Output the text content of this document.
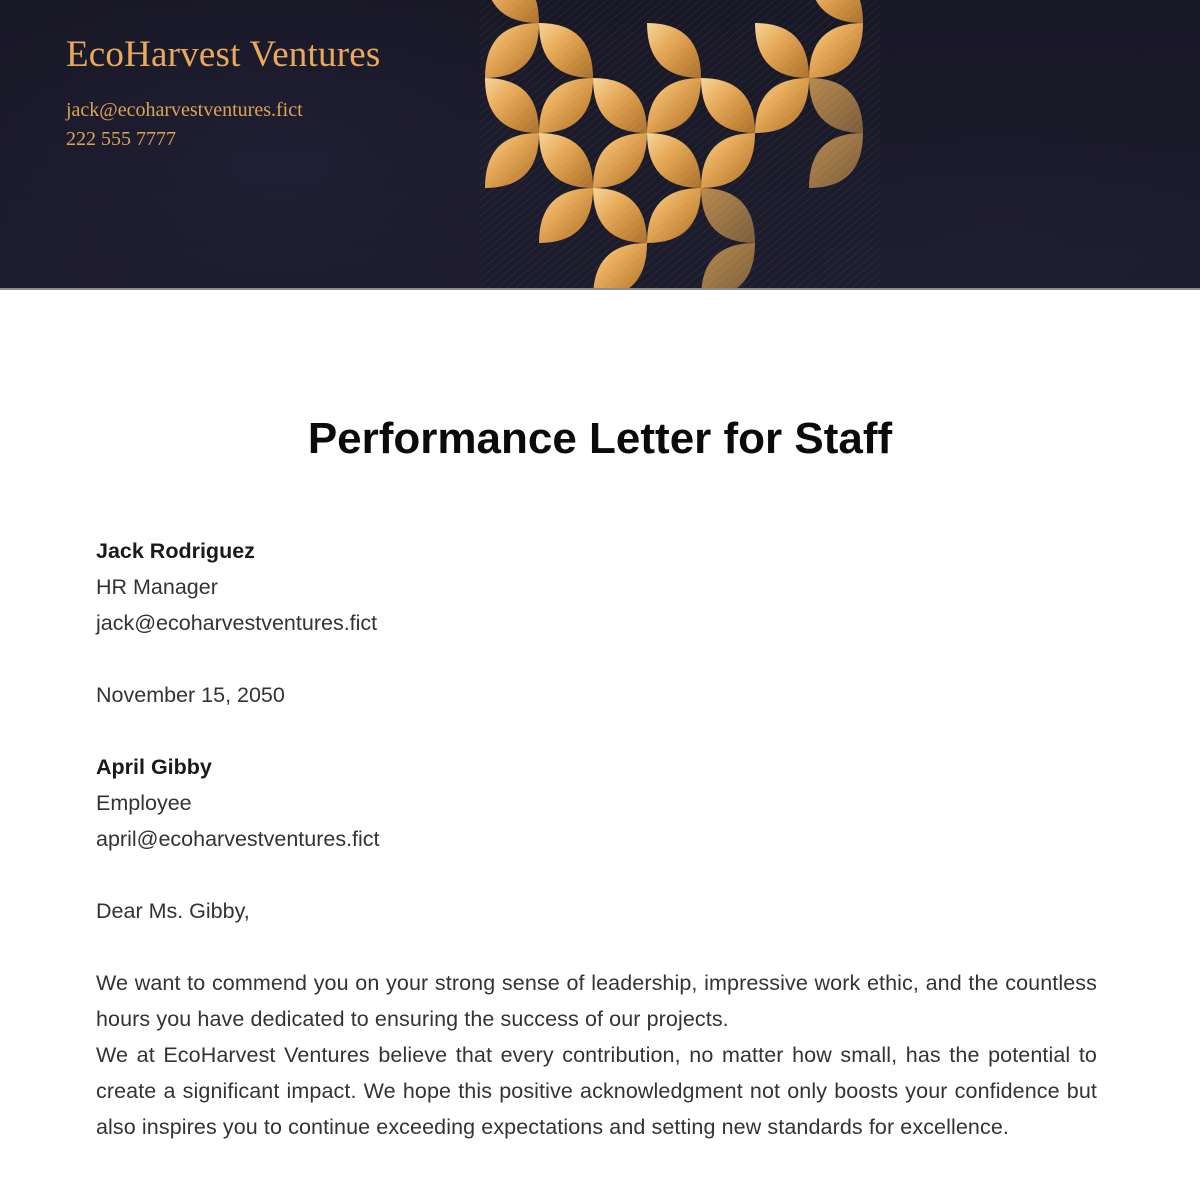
EcoHarvest Ventures
jack@ecoharvestventures.fict
222 555 7777
Performance Letter for Staff
Jack Rodriguez
HR Manager
jack@ecoharvestventures.fict
November 15, 2050
April Gibby
Employee
april@ecoharvestventures.fict
Dear Ms. Gibby,
We want to commend you on your strong sense of leadership, impressive work ethic, and the countless hours you have dedicated to ensuring the success of our projects.
We at EcoHarvest Ventures believe that every contribution, no matter how small, has the potential to create a significant impact. We hope this positive acknowledgment not only boosts your confidence but also inspires you to continue exceeding expectations and setting new standards for excellence.
